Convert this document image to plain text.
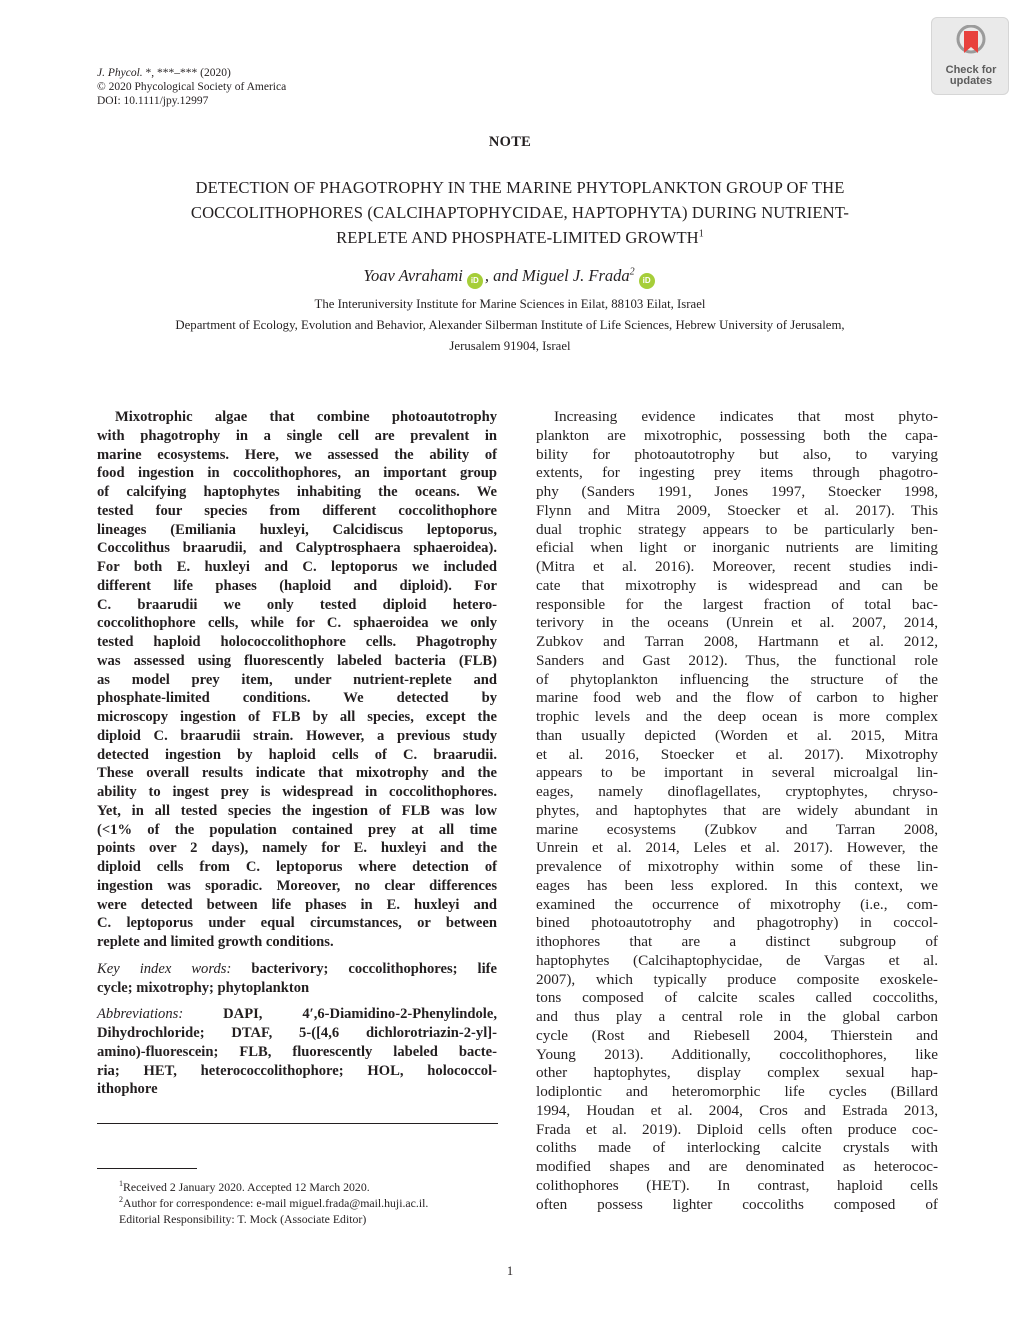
J. Phycol. *, ***–*** (2020)
© 2020 Phycological Society of America
DOI: 10.1111/jpy.12997
Check for
updates
NOTE
DETECTION OF PHAGOTROPHY IN THE MARINE PHYTOPLANKTON GROUP OF THE
COCCOLITHOPHORES (CALCIHAPTOPHYCIDAE, HAPTOPHYTA) DURING NUTRIENT-
REPLETE AND PHOSPHATE-LIMITED GROWTH$^1$
Yoav Avrahami iD , and Miguel J. Frada$^2$iD
The Interuniversity Institute for Marine Sciences in Eilat, 88103 Eilat, Israel
Department of Ecology, Evolution and Behavior, Alexander Silberman Institute of Life Sciences, Hebrew University of Jerusalem,
Jerusalem 91904, Israel
Mixotrophic algae that combine photoautotrophy
with phagotrophy in a single cell are prevalent in
marine ecosystems. Here, we assessed the ability of
food ingestion in coccolithophores, an important group
of calcifying haptophytes inhabiting the oceans. We
tested four species from different coccolithophore
lineages (Emiliania huxleyi, Calcidiscus leptoporus,
Coccolithus braarudii, and Calyptrosphaera sphaeroidea).
For both E. huxleyi and C. leptoporus we included
different life phases (haploid and diploid). For
C. braarudii we only tested diploid hetero-
coccolithophore cells, while for C. sphaeroidea we only
tested haploid holococcolithophore cells. Phagotrophy
was assessed using fluorescently labeled bacteria (FLB)
as model prey item, under nutrient-replete and
phosphate-limited conditions. We detected by
microscopy ingestion of FLB by all species, except the
diploid C. braarudii strain. However, a previous study
detected ingestion by haploid cells of C. braarudii.
These overall results indicate that mixotrophy and the
ability to ingest prey is widespread in coccolithophores.
Yet, in all tested species the ingestion of FLB was low
(<1% of the population contained prey at all time
points over 2 days), namely for E. huxleyi and the
diploid cells from C. leptoporus where detection of
ingestion was sporadic. Moreover, no clear differences
were detected between life phases in E. huxleyi and
C. leptoporus under equal circumstances, or between
replete and limited growth conditions.
Key index words: bacterivory; coccolithophores; life
cycle; mixotrophy; phytoplankton
Abbreviations: DAPI, 4′,6-Diamidino-2-Phenylindole,
Dihydrochloride; DTAF, 5-([4,6 dichlorotriazin-2-yl]-
amino)-fluorescein; FLB, fluorescently labeled bacte-
ria; HET, heterococcolithophore; HOL, holococcol-
ithophore
$^1$Received 2 January 2020. Accepted 12 March 2020.
$^2$Author for correspondence: e-mail miguel.frada@mail.huji.ac.il.
Editorial Responsibility: T. Mock (Associate Editor)
Increasing evidence indicates that most phyto-
plankton are mixotrophic, possessing both the capa-
bility for photoautotrophy but also, to varying
extents, for ingesting prey items through phagotro-
phy (Sanders 1991, Jones 1997, Stoecker 1998,
Flynn and Mitra 2009, Stoecker et al. 2017). This
dual trophic strategy appears to be particularly ben-
eficial when light or inorganic nutrients are limiting
(Mitra et al. 2016). Moreover, recent studies indi-
cate that mixotrophy is widespread and can be
responsible for the largest fraction of total bac-
terivory in the oceans (Unrein et al. 2007, 2014,
Zubkov and Tarran 2008, Hartmann et al. 2012,
Sanders and Gast 2012). Thus, the functional role
of phytoplankton influencing the structure of the
marine food web and the flow of carbon to higher
trophic levels and the deep ocean is more complex
than usually depicted (Worden et al. 2015, Mitra
et al. 2016, Stoecker et al. 2017). Mixotrophy
appears to be important in several microalgal lin-
eages, namely dinoflagellates, cryptophytes, chryso-
phytes, and haptophytes that are widely abundant in
marine ecosystems (Zubkov and Tarran 2008,
Unrein et al. 2014, Leles et al. 2017). However, the
prevalence of mixotrophy within some of these lin-
eages has been less explored. In this context, we
examined the occurrence of mixotrophy (i.e., com-
bined photoautotrophy and phagotrophy) in coccol-
ithophores that are a distinct subgroup of
haptophytes (Calcihaptophycidae, de Vargas et al.
2007), which typically produce composite exoskele-
tons composed of calcite scales called coccoliths,
and thus play a central role in the global carbon
cycle (Rost and Riebesell 2004, Thierstein and
Young 2013). Additionally, coccolithophores, like
other haptophytes, display complex sexual hap-
lodiplontic and heteromorphic life cycles (Billard
1994, Houdan et al. 2004, Cros and Estrada 2013,
Frada et al. 2019). Diploid cells often produce coc-
coliths made of interlocking calcite crystals with
modified shapes and are denominated as heterococ-
colithophores (HET). In contrast, haploid cells
often possess lighter coccoliths composed of
1
